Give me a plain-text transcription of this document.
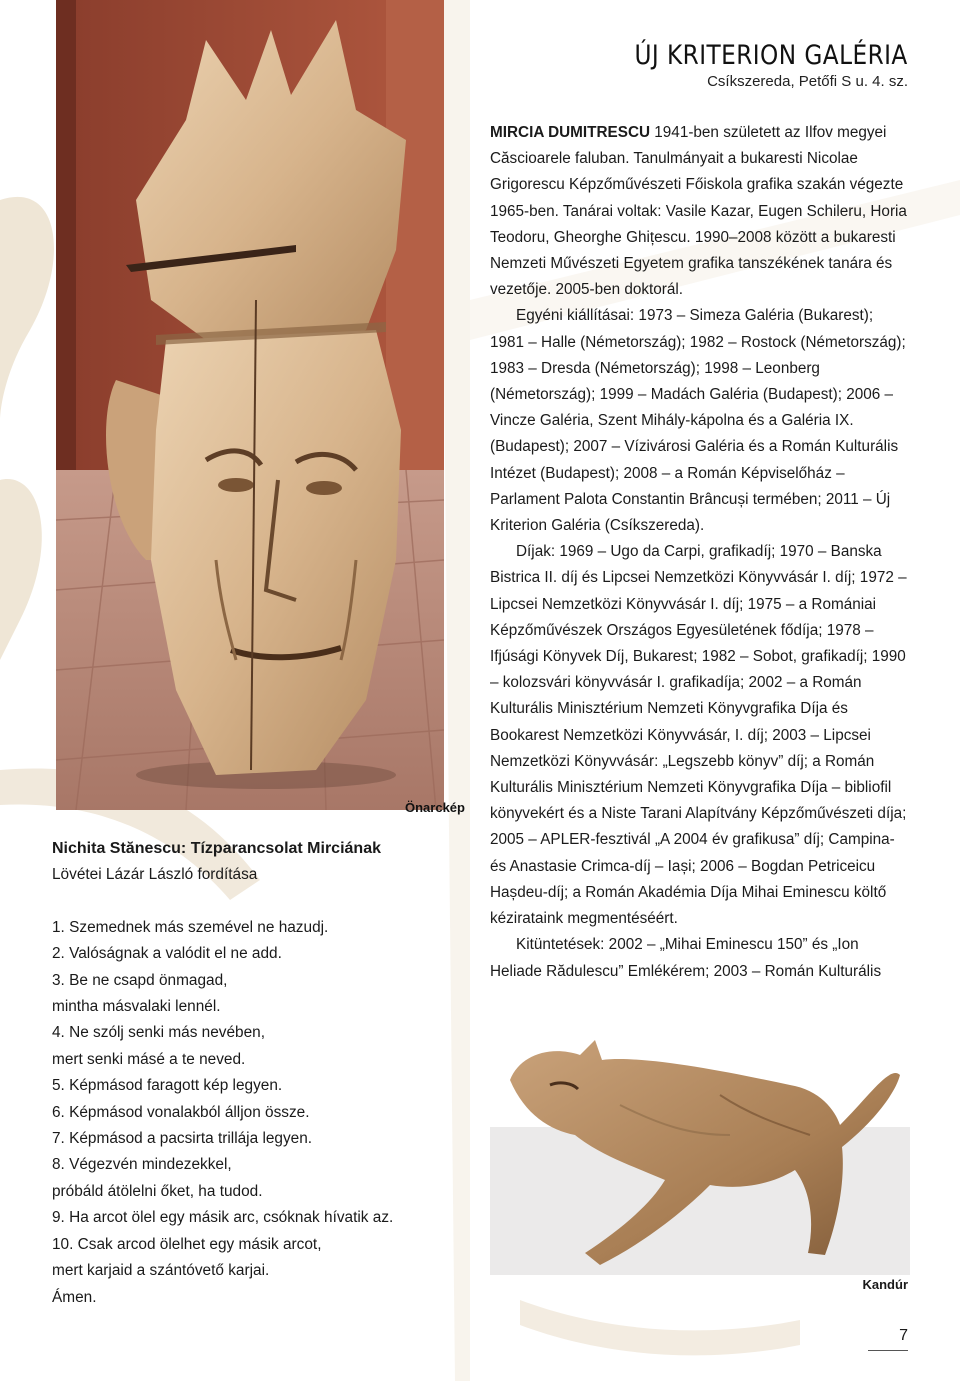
Önarckép
ÚJ KRITERION GALÉRIA
Csíkszereda, Petőfi S u. 4. sz.

MIRCIA DUMITRESCU 1941-ben született az Ilfov megyei Căscioarele faluban. Tanulmányait a bukaresti Nicolae Grigorescu Képzőművészeti Főiskola grafika szakán végezte 1965-ben. Tanárai voltak: Vasile Kazar, Eugen Schileru, Horia Teodoru, Gheorghe Ghițescu. 1990–2008 között a bukaresti Nemzeti Művészeti Egyetem grafika tanszékének tanára és vezetője. 2005-ben doktorál.

Egyéni kiállításai: 1973 – Simeza Galéria (Bukarest); 1981 – Halle (Németország); 1982 – Rostock (Németország); 1983 – Dresda (Németország); 1998 – Leonberg (Németország); 1999 – Madách Galéria (Budapest); 2006 – Vincze Galéria, Szent Mihály-kápolna és a Galéria IX. (Budapest); 2007 – Vízivárosi Galéria és a Román Kulturális Intézet (Budapest); 2008 – a Román Képviselőház – Parlament Palota Constantin Brâncuși termében; 2011 – Új Kriterion Galéria (Csíkszereda).

Díjak: 1969 – Ugo da Carpi, grafikadíj; 1970 – Banska Bistrica II. díj és Lipcsei Nemzetközi Könyvvásár I. díj; 1972 – Lipcsei Nemzetközi Könyvvásár I. díj; 1975 – a Romániai Képzőművészek Országos Egyesületének fődíja; 1978 – Ifjúsági Könyvek Díj, Bukarest; 1982 – Sobot, grafikadíj; 1990 – kolozsvári könyvvásár I. grafikadíja; 2002 – a Román Kulturális Minisztérium Nemzeti Könyvgrafika Díja és Bookarest Nemzetközi Könyvvásár, I. díj; 2003 – Lipcsei Nemzetközi Könyvvásár: „Legszebb könyv” díj; a Román Kulturális Minisztérium Nemzeti Könyvgrafika Díja – bibliofil könyvekért és a Niste Tarani Alapítvány Képzőművészeti díja; 2005 – APLER-fesztivál „A 2004 év grafikusa” díj; Campina- és Anastasie Crimca-díj – Iași; 2006 – Bogdan Petriceicu Hașdeu-díj; a Román Akadémia Díja Mihai Eminescu költő kézirataink megmentéséért.

Kitüntetések: 2002 – „Mihai Eminescu 150” és „Ion Heliade Rădulescu” Emlékérem; 2003 – Román Kulturális

Nichita Stănescu: Tízparancsolat Mirciának
Lövétei Lázár László fordítása
1. Szemednek más szemével ne hazudj.
2. Valóságnak a valódit el ne add.
3. Be ne csapd önmagad,
mintha másvalaki lennél.
4. Ne szólj senki más nevében,
mert senki másé a te neved.
5. Képmásod faragott kép legyen.
6. Képmásod vonalakból álljon össze.
7. Képmásod a pacsirta trillája legyen.
8. Végezvén mindezekkel,
próbáld átölelni őket, ha tudod.
9. Ha arcot ölel egy másik arc, csóknak hívatik az.
10. Csak arcod ölelhet egy másik arcot,
mert karjaid a szántóvető karjai.
Ámen.
Kandúr
7
